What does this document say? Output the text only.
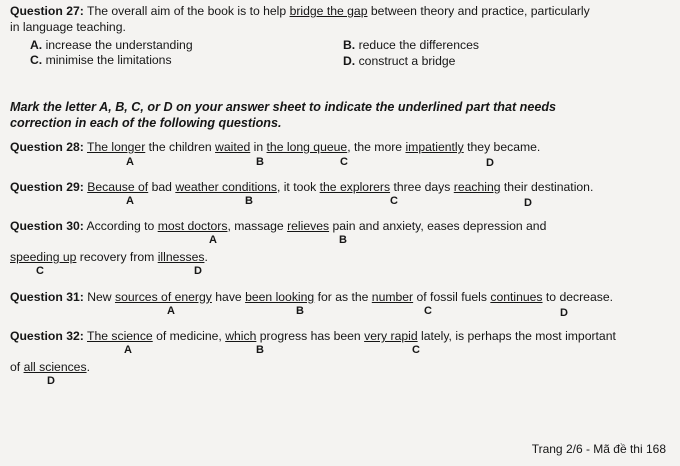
Question 27: The overall aim of the book is to help bridge the gap between theory and practice, particularly
in language teaching.
A. increase the understanding	B. reduce the differences
C. minimise the limitations	D. construct a bridge
Mark the letter A, B, C, or D on your answer sheet to indicate the underlined part that needs
correction in each of the following questions.
Question 28: The longer the children waited in the long queue, the more impatiently they became.
A	B	C	D
Question 29: Because of bad weather conditions, it took the explorers three days reaching their destination.
A	B	C	D
Question 30: According to most doctors, massage relieves pain and anxiety, eases depression and
A	B
speeding up recovery from illnesses.
C	D
Question 31: New sources of energy have been looking for as the number of fossil fuels continues to decrease.
A	B	C	D
Question 32: The science of medicine, which progress has been very rapid lately, is perhaps the most important
A	B	C
of all sciences.
D
Trang 2/6 - Mã đề thi 168
